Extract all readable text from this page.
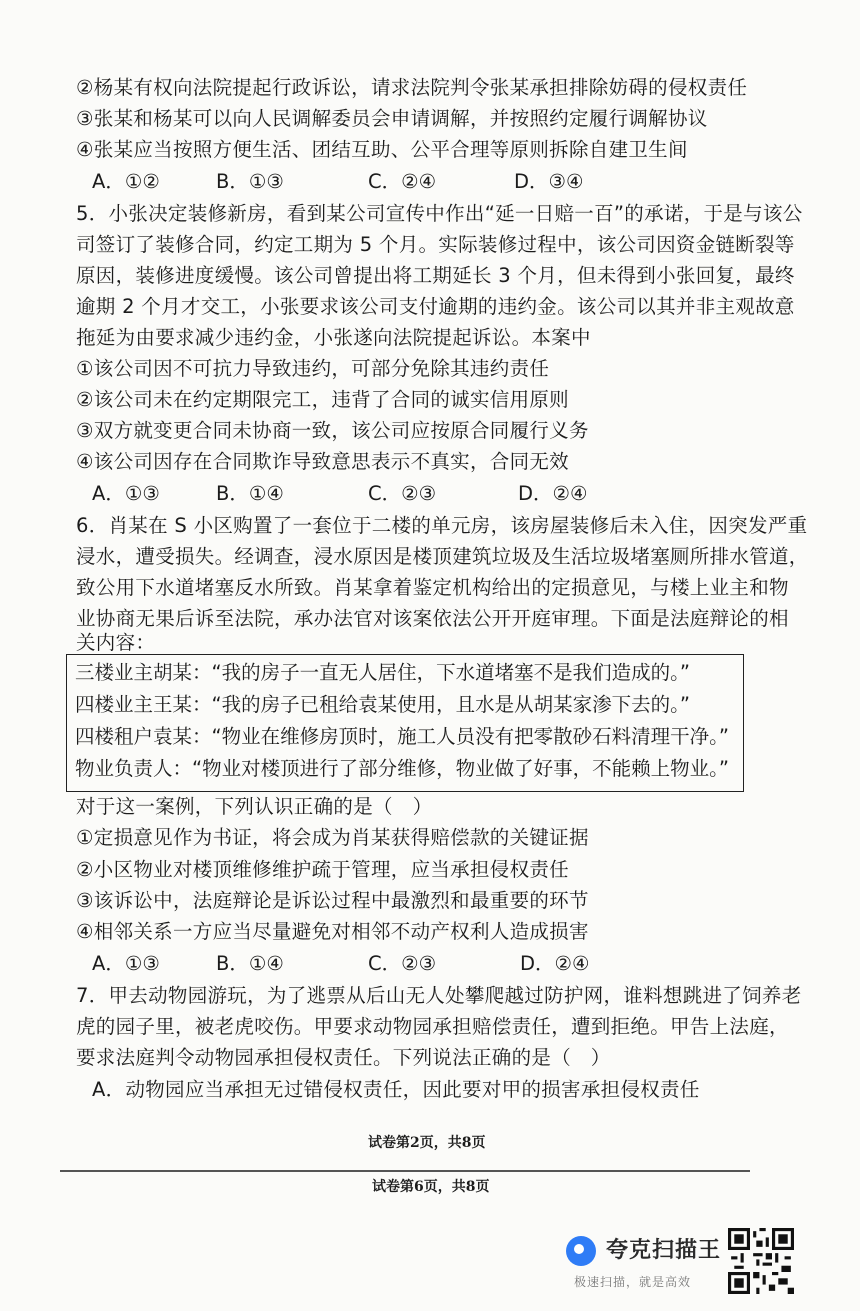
②杨某有权向法院提起行政诉讼，请求法院判令张某承担排除妨碍的侵权责任
③张某和杨某可以向人民调解委员会申请调解，并按照约定履行调解协议
④张某应当按照方便生活、团结互助、公平合理等原则拆除自建卫生间
A．①②	B．①③	C．②④	D．③④
5．小张决定装修新房，看到某公司宣传中作出“延一日赔一百”的承诺，于是与该公
司签订了装修合同，约定工期为 5 个月。实际装修过程中，该公司因资金链断裂等
原因，装修进度缓慢。该公司曾提出将工期延长 3 个月，但未得到小张回复，最终
逾期 2 个月才交工，小张要求该公司支付逾期的违约金。该公司以其并非主观故意
拖延为由要求减少违约金，小张遂向法院提起诉讼。本案中
①该公司因不可抗力导致违约，可部分免除其违约责任
②该公司未在约定期限完工，违背了合同的诚实信用原则
③双方就变更合同未协商一致，该公司应按原合同履行义务
④该公司因存在合同欺诈导致意思表示不真实，合同无效
A．①③	B．①④	C．②③	D．②④
6．肖某在 S 小区购置了一套位于二楼的单元房，该房屋装修后未入住，因突发严重
浸水，遭受损失。经调查，浸水原因是楼顶建筑垃圾及生活垃圾堵塞厕所排水管道，
致公用下水道堵塞反水所致。肖某拿着鉴定机构给出的定损意见，与楼上业主和物
业协商无果后诉至法院，承办法官对该案依法公开开庭审理。下面是法庭辩论的相
关内容：
三楼业主胡某：“我的房子一直无人居住，下水道堵塞不是我们造成的。”
四楼业主王某：“我的房子已租给袁某使用，且水是从胡某家渗下去的。”
四楼租户袁某：“物业在维修房顶时，施工人员没有把零散砂石料清理干净。”
物业负责人：“物业对楼顶进行了部分维修，物业做了好事，不能赖上物业。”
对于这一案例，下列认识正确的是（　）
①定损意见作为书证，将会成为肖某获得赔偿款的关键证据
②小区物业对楼顶维修维护疏于管理，应当承担侵权责任
③该诉讼中，法庭辩论是诉讼过程中最激烈和最重要的环节
④相邻关系一方应当尽量避免对相邻不动产权利人造成损害
A．①③	B．①④	C．②③	D．②④
7．甲去动物园游玩，为了逃票从后山无人处攀爬越过防护网，谁料想跳进了饲养老
虎的园子里，被老虎咬伤。甲要求动物园承担赔偿责任，遭到拒绝。甲告上法庭，
要求法庭判令动物园承担侵权责任。下列说法正确的是（　）
A．动物园应当承担无过错侵权责任，因此要对甲的损害承担侵权责任
试卷第2页，共8页
试卷第6页，共8页
夸克扫描王
极速扫描，就是高效
